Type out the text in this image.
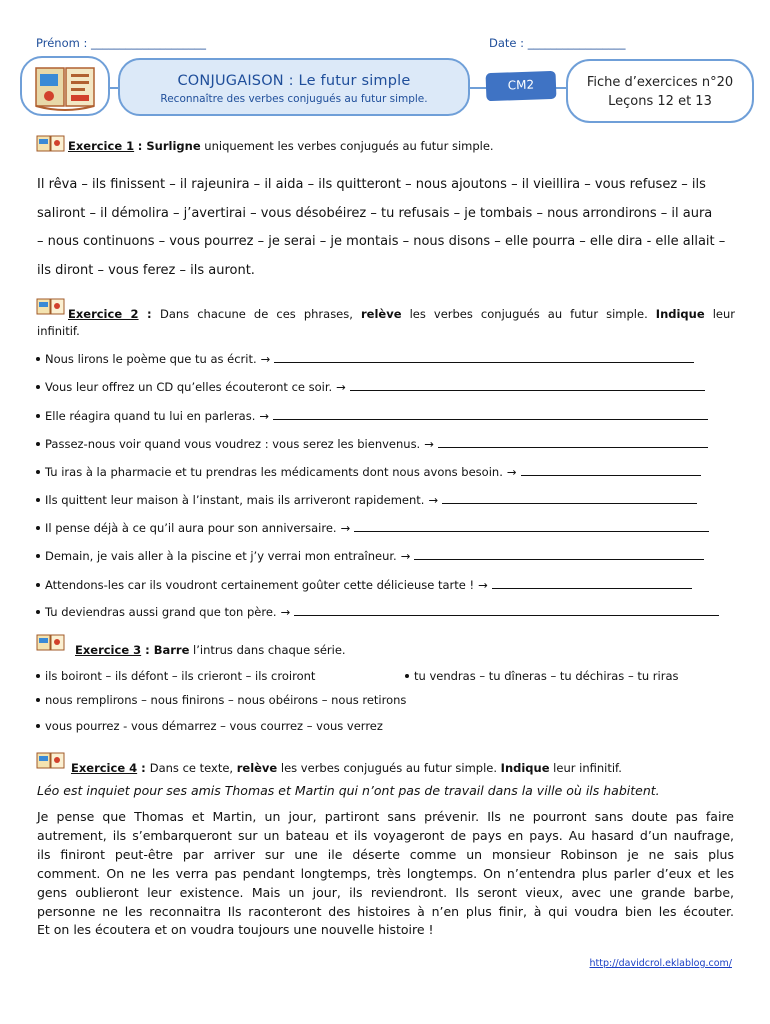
Prénom : ____________________	Date : _________________
CONJUGAISON : Le futur simple
Reconnaître des verbes conjugués au futur simple.
CM2	Fiche d’exercices n°20
Leçons 12 et 13
Exercice 1 : Surligne uniquement les verbes conjugués au futur simple.
Il rêva – ils finissent – il rajeunira – il aida – ils quitteront – nous ajoutons – il vieillira – vous refusez – ils
saliront – il démolira – j’avertirai – vous désobéirez – tu refusais – je tombais – nous arrondirons – il aura
– nous continuons – vous pourrez – je serai – je montais – nous disons – elle pourra – elle dira - elle allait –
ils diront – vous ferez – ils auront.
Exercice 2 : Dans chacune de ces phrases, relève les verbes conjugués au futur simple. Indique leur
infinitif.
Nous lirons le poème que tu as écrit. →
Vous leur offrez un CD qu’elles écouteront ce soir. →
Elle réagira quand tu lui en parleras. →
Passez-nous voir quand vous voudrez : vous serez les bienvenus. →
Tu iras à la pharmacie et tu prendras les médicaments dont nous avons besoin. →
Ils quittent leur maison à l’instant, mais ils arriveront rapidement. →
Il pense déjà à ce qu’il aura pour son anniversaire. →
Demain, je vais aller à la piscine et j’y verrai mon entraîneur. →
Attendons-les car ils voudront certainement goûter cette délicieuse tarte ! →
Tu deviendras aussi grand que ton père. →
Exercice 3 : Barre l’intrus dans chaque série.
ils boiront – ils défont – ils crieront – ils croiront	tu vendras – tu dîneras – tu déchiras – tu riras
nous remplirons – nous finirons – nous obéirons – nous retirons
vous pourrez - vous démarrez – vous courrez – vous verrez
Exercice 4 : Dans ce texte, relève les verbes conjugués au futur simple. Indique leur infinitif.
Léo est inquiet pour ses amis Thomas et Martin qui n’ont pas de travail dans la ville où ils habitent.
Je pense que Thomas et Martin, un jour, partiront sans prévenir. Ils ne pourront sans doute pas faire
autrement, ils s’embarqueront sur un bateau et ils voyageront de pays en pays. Au hasard d’un naufrage,
ils finiront peut-être par arriver sur une ile déserte comme un monsieur Robinson je ne sais plus
comment. On ne les verra pas pendant longtemps, très longtemps. On n’entendra plus parler d’eux et les
gens oublieront leur existence. Mais un jour, ils reviendront. Ils seront vieux, avec une grande barbe,
personne ne les reconnaitra Ils raconteront des histoires à n’en plus finir, à qui voudra bien les écouter.
Et on les écoutera et on voudra toujours une nouvelle histoire !
http://davidcrol.eklablog.com/
